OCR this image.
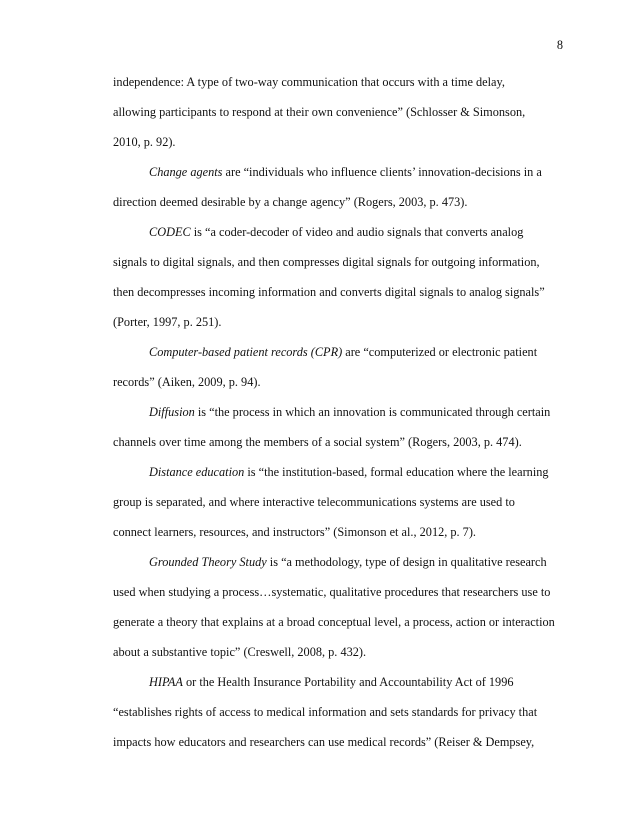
8

independence: A type of two-way communication that occurs with a time delay,

allowing participants to respond at their own convenience” (Schlosser & Simonson,

2010, p. 92).

Change agents are “individuals who influence clients’ innovation-decisions in a

direction deemed desirable by a change agency” (Rogers, 2003, p. 473).

CODEC is “a coder-decoder of video and audio signals that converts analog

signals to digital signals, and then compresses digital signals for outgoing information,

then decompresses incoming information and converts digital signals to analog signals”

(Porter, 1997, p. 251).

Computer-based patient records (CPR) are “computerized or electronic patient

records” (Aiken, 2009, p. 94).

Diffusion is “the process in which an innovation is communicated through certain

channels over time among the members of a social system” (Rogers, 2003, p. 474).

Distance education is “the institution-based, formal education where the learning

group is separated, and where interactive telecommunications systems are used to

connect learners, resources, and instructors” (Simonson et al., 2012, p. 7).

Grounded Theory Study is “a methodology, type of design in qualitative research

used when studying a process…systematic, qualitative procedures that researchers use to

generate a theory that explains at a broad conceptual level, a process, action or interaction

about a substantive topic” (Creswell, 2008, p. 432).

HIPAA or the Health Insurance Portability and Accountability Act of 1996

“establishes rights of access to medical information and sets standards for privacy that

impacts how educators and researchers can use medical records” (Reiser & Dempsey,
